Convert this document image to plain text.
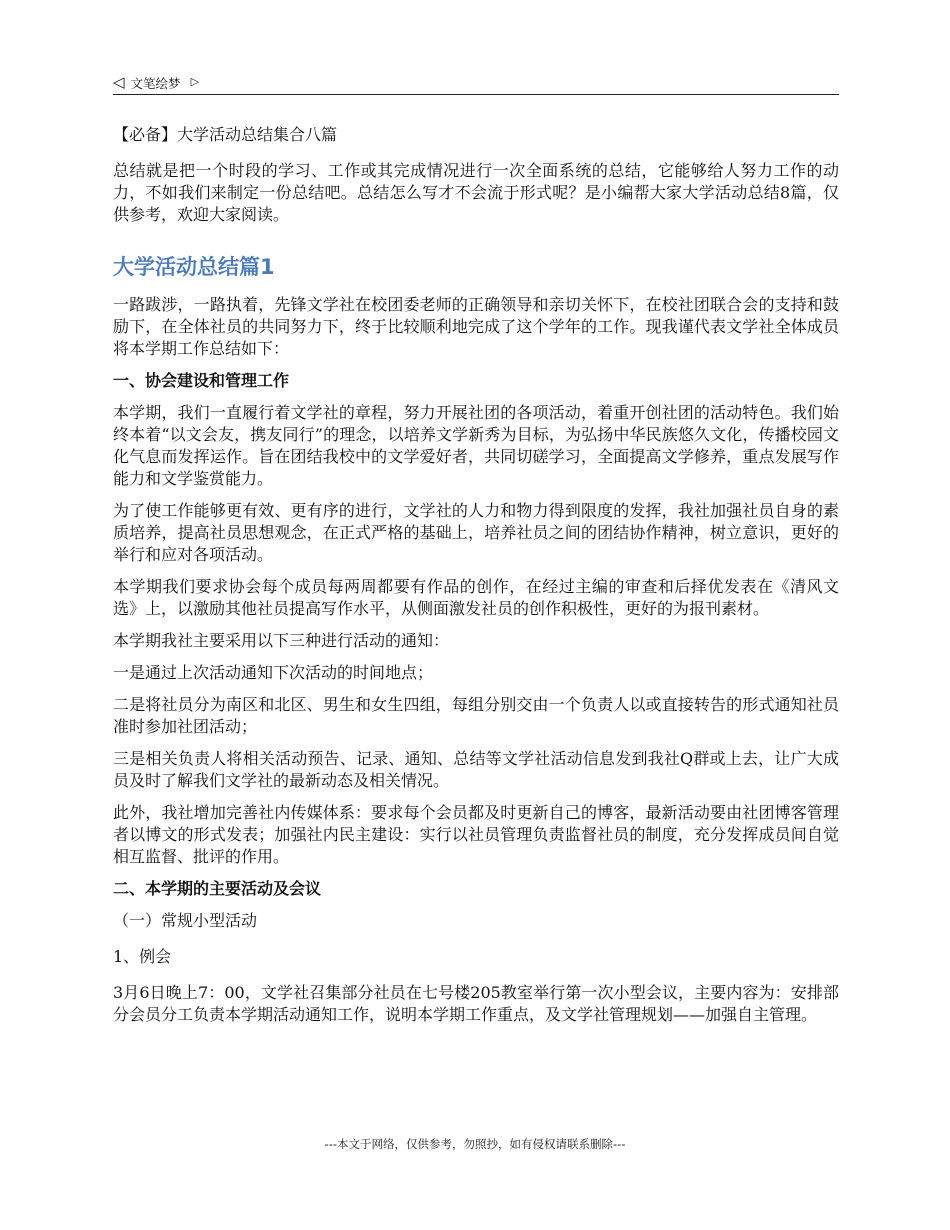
◁ 文笔绘梦 ▷

【必备】大学活动总结集合八篇

总结就是把一个时段的学习、工作或其完成情况进行一次全面系统的总结，它能够给人努力工作的动力，不如我们来制定一份总结吧。总结怎么写才不会流于形式呢？是小编帮大家大学活动总结8篇，仅供参考，欢迎大家阅读。

大学活动总结篇1

一路跋涉，一路执着，先锋文学社在校团委老师的正确领导和亲切关怀下，在校社团联合会的支持和鼓励下，在全体社员的共同努力下，终于比较顺利地完成了这个学年的工作。现我谨代表文学社全体成员将本学期工作总结如下：

一、协会建设和管理工作

本学期，我们一直履行着文学社的章程，努力开展社团的各项活动，着重开创社团的活动特色。我们始终本着“以文会友，携友同行”的理念，以培养文学新秀为目标，为弘扬中华民族悠久文化，传播校园文化气息而发挥运作。旨在团结我校中的文学爱好者，共同切磋学习，全面提高文学修养，重点发展写作能力和文学鉴赏能力。

为了使工作能够更有效、更有序的进行，文学社的人力和物力得到限度的发挥，我社加强社员自身的素质培养，提高社员思想观念，在正式严格的基础上，培养社员之间的团结协作精神，树立意识，更好的举行和应对各项活动。

本学期我们要求协会每个成员每两周都要有作品的创作，在经过主编的审查和后择优发表在《清风文选》上，以激励其他社员提高写作水平，从侧面激发社员的创作积极性，更好的为报刊素材。

本学期我社主要采用以下三种进行活动的通知：

一是通过上次活动通知下次活动的时间地点；

二是将社员分为南区和北区、男生和女生四组，每组分别交由一个负责人以或直接转告的形式通知社员准时参加社团活动；

三是相关负责人将相关活动预告、记录、通知、总结等文学社活动信息发到我社Q群或上去，让广大成员及时了解我们文学社的最新动态及相关情况。

此外，我社增加完善社内传媒体系：要求每个会员都及时更新自己的博客，最新活动要由社团博客管理者以博文的形式发表；加强社内民主建设：实行以社员管理负责监督社员的制度，充分发挥成员间自觉相互监督、批评的作用。

二、本学期的主要活动及会议

（一）常规小型活动

1、例会

3月6日晚上7：00，文学社召集部分社员在七号楼205教室举行第一次小型会议，主要内容为：安排部分会员分工负责本学期活动通知工作，说明本学期工作重点，及文学社管理规划——加强自主管理。

---本文于网络，仅供参考，勿照抄，如有侵权请联系删除---
